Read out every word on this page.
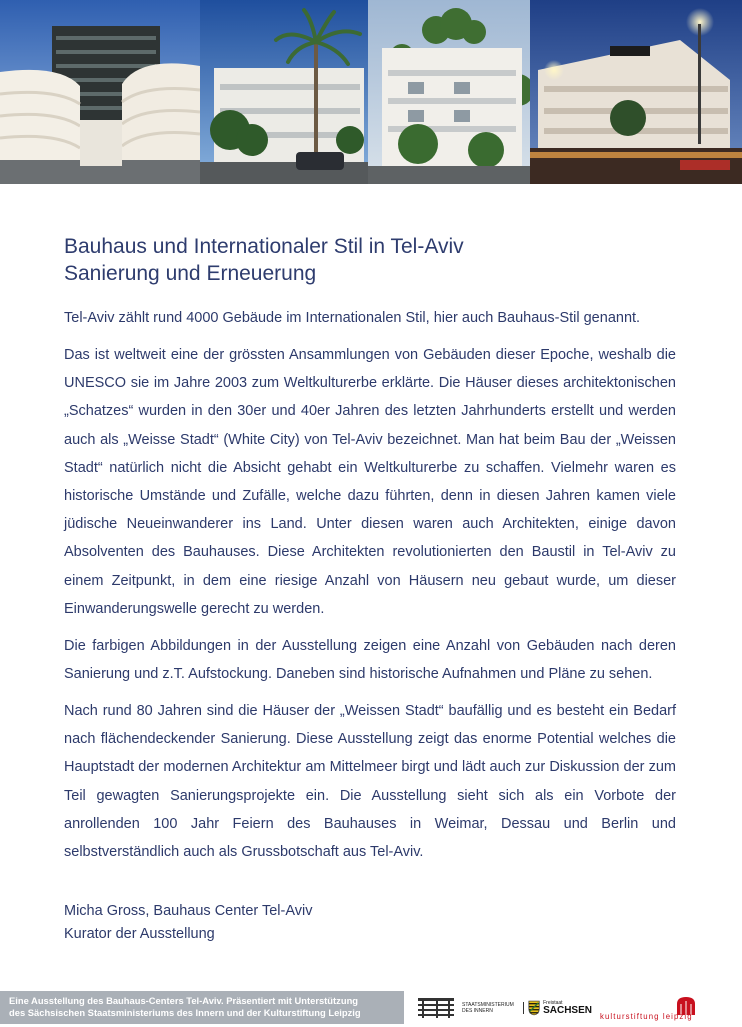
Bauhaus und Internationaler Stil in Tel-Aviv
Sanierung und Erneuerung

Tel-Aviv zählt rund 4000 Gebäude im Internationalen Stil, hier auch Bauhaus-Stil genannt.

Das ist weltweit eine der grössten Ansammlungen von Gebäuden dieser Epoche, weshalb die UNESCO sie im Jahre 2003 zum Weltkulturerbe erklärte. Die Häuser dieses architektonischen „Schatzes“ wurden in den 30er und 40er Jahren des letzten Jahrhunderts erstellt und werden auch als „Weisse Stadt“ (White City) von Tel-Aviv bezeichnet. Man hat beim Bau der „Weissen Stadt“ natürlich nicht die Absicht gehabt ein Weltkulturerbe zu schaffen. Vielmehr waren es historische Umstände und Zufälle, welche dazu führten, denn in diesen Jahren kamen viele jüdische Neueinwanderer ins Land. Unter diesen waren auch Architekten, einige davon Absolventen des Bauhauses. Diese Architekten revolutionierten den Baustil in Tel-Aviv zu einem Zeitpunkt, in dem eine riesige Anzahl von Häusern neu gebaut wurde, um dieser Einwanderungswelle gerecht zu werden.

Die farbigen Abbildungen in der Ausstellung zeigen eine Anzahl von Gebäuden nach deren Sanierung und z.T. Aufstockung. Daneben sind historische Aufnahmen und Pläne zu sehen.

Nach rund 80 Jahren sind die Häuser der „Weissen Stadt“ baufällig und es besteht ein Bedarf nach flächendeckender Sanierung. Diese Ausstellung zeigt das enorme Potential welches die Hauptstadt der modernen Architektur am Mittelmeer birgt und lädt auch zur Diskussion der zum Teil gewagten Sanierungsprojekte ein. Die Ausstellung sieht sich als ein Vorbote der anrollenden 100 Jahr Feiern des Bauhauses in Weimar, Dessau und Berlin und selbstverständlich auch als Grussbotschaft aus Tel-Aviv.

Micha Gross, Bauhaus Center Tel-Aviv
Kurator der Ausstellung
Eine Ausstellung des Bauhaus-Centers Tel-Aviv. Präsentiert mit Unterstützung
des Sächsischen Staatsministeriums des Innern und der Kulturstiftung Leipzig
STAATSMINISTERIUM
DES INNERN
Freistaat
SACHSEN
kulturstiftung leipzig
